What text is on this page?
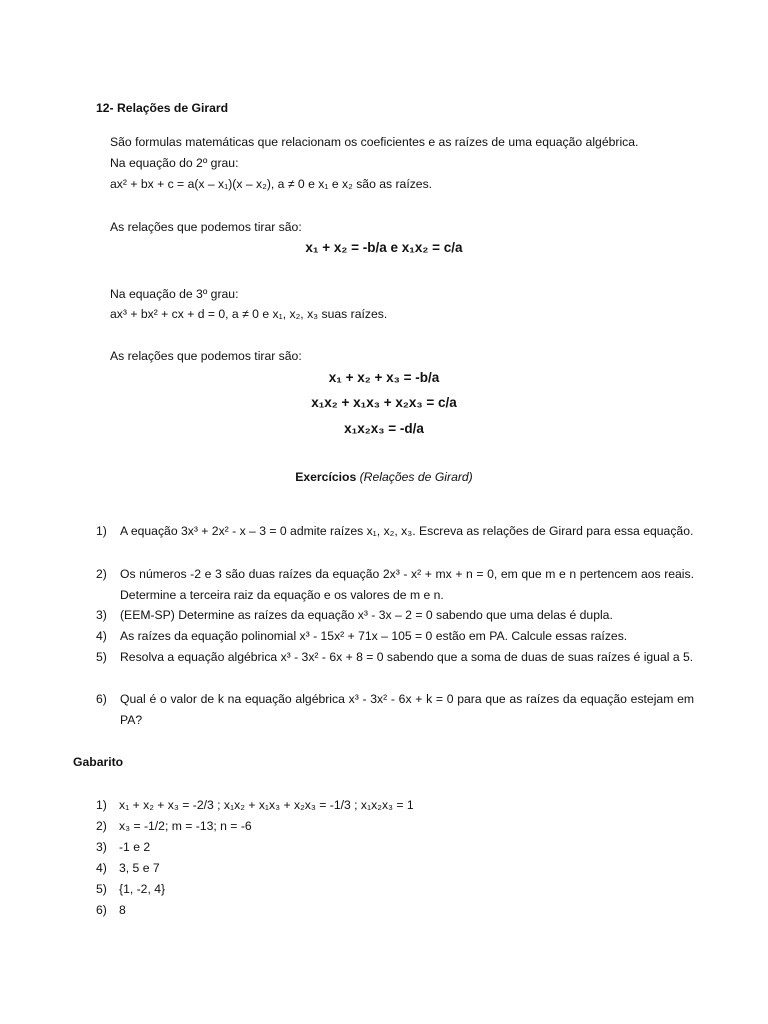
12- Relações de Girard
São formulas matemáticas que relacionam os coeficientes e as raízes de uma equação algébrica.
Na equação do 2º grau:
ax² + bx + c = a(x – x₁)(x – x₂), a ≠ 0 e x₁ e x₂ são as raízes.
As relações que podemos tirar são:
x₁ + x₂ = -b/a e x₁x₂ = c/a
Na equação de 3º grau:
ax³ + bx² + cx + d = 0, a ≠ 0 e x₁, x₂, x₃ suas raízes.
As relações que podemos tirar são:
x₁ + x₂ + x₃ = -b/a
x₁x₂ + x₁x₃ + x₂x₃ = c/a
x₁x₂x₃ = -d/a
Exercícios (Relações de Girard)
1)	A equação 3x³ + 2x² - x – 3 = 0 admite raízes x₁, x₂, x₃. Escreva as relações de Girard para essa equação.
2)	Os números -2 e 3 são duas raízes da equação 2x³ - x² + mx + n = 0, em que m e n pertencem aos reais. Determine a terceira raiz da equação e os valores de m e n.
3)	(EEM-SP) Determine as raízes da equação x³ - 3x – 2 = 0 sabendo que uma delas é dupla.
4)	As raízes da equação polinomial x³ - 15x² + 71x – 105 = 0 estão em PA. Calcule essas raízes.
5)	Resolva a equação algébrica x³ - 3x² - 6x + 8 = 0 sabendo que a soma de duas de suas raízes é igual a 5.
6)	Qual é o valor de k na equação algébrica x³ - 3x² - 6x + k = 0 para que as raízes da equação estejam em PA?
Gabarito
1) x₁ + x₂ + x₃ = -2/3 ; x₁x₂ + x₁x₃ + x₂x₃ = -1/3 ; x₁x₂x₃ = 1
2) x₃ = -1/2; m = -13; n = -6
3) -1 e 2
4) 3, 5 e 7
5) {1, -2, 4}
6) 8
